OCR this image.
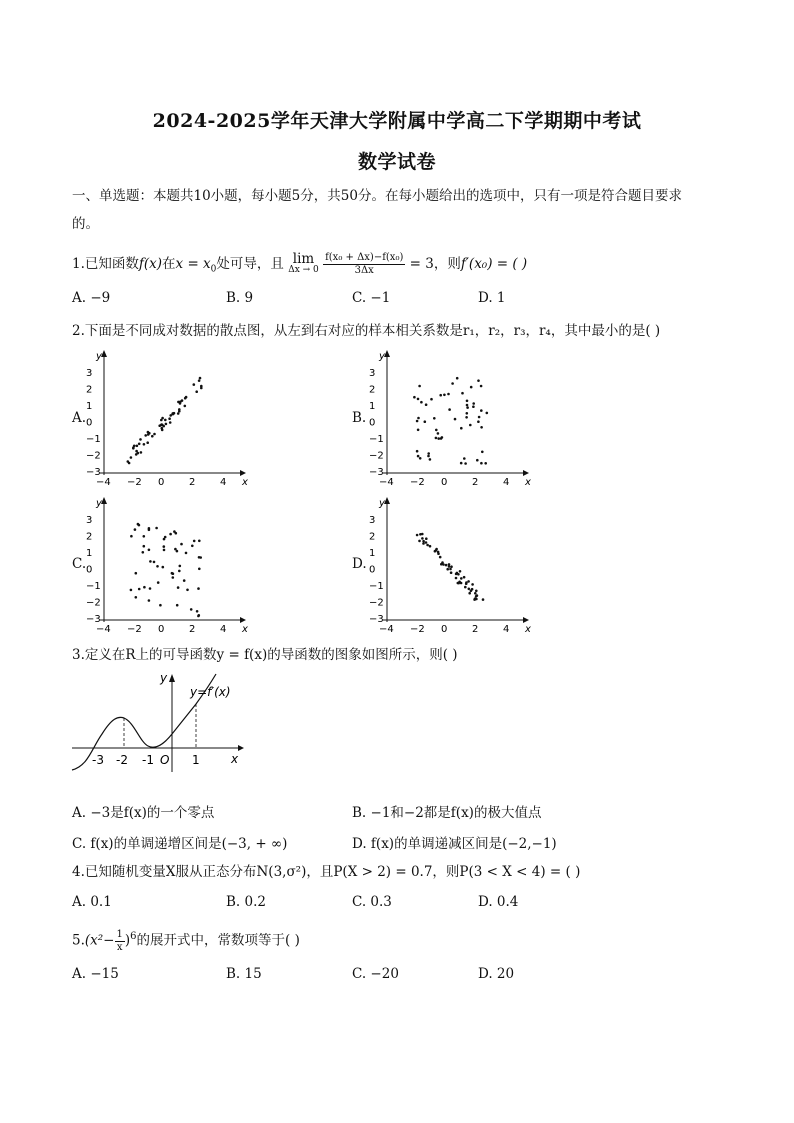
2024-2025学年天津大学附属中学高二下学期期中考试
数学试卷
一、单选题：本题共10小题，每小题5分，共50分。在每小题给出的选项中，只有一项是符合题目要求
的。
1.已知函数f(x)在$x = x_0$处可导，且 lim
Δx → 0
$\frac{\text{f(x₀ + Δx)−f(x₀)}}{3\Delta x} = 3$，则f′(x₀) = ( )
A. −9	B. 9	C. −1	D. 1
2.下面是不同成对数据的散点图，从左到右对应的样本相关系数是r₁，r₂，r₃，r₄，其中最小的是( )
A.	B.
C.	D.
y
x
3
2
1
0
−1
−2
−3
−4 −2 0 2 4
y
x
3
2
1
0
−1
−2
−3
−4 −2 0 2 4
y
x
3
2
1
0
−1
−2
−3
−4 −2 0 2 4
y
x
3
2
1
0
−1
−2
−3
−4 −2 0 2 4
3.定义在R上的可导函数y = f(x)的导函数的图象如图所示，则( )
y
x
y=f′(x)
-3 -2 -1 O 1
A. −3是f(x)的一个零点	B. −1和−2都是f(x)的极大值点
C. f(x)的单调递增区间是(−3, + ∞)	D. f(x)的单调递减区间是(−2,−1)
4.已知随机变量X服从正态分布N(3,σ²)，且P(X > 2) = 0.7，则P(3 < X < 4) = ( )
A. 0.1	B. 0.2	C. 0.3	D. 0.4
$5.(x^2- \frac{1}{x} )^6$的展开式中，常数项等于( )
A. −15	B. 15	C. −20	D. 20
